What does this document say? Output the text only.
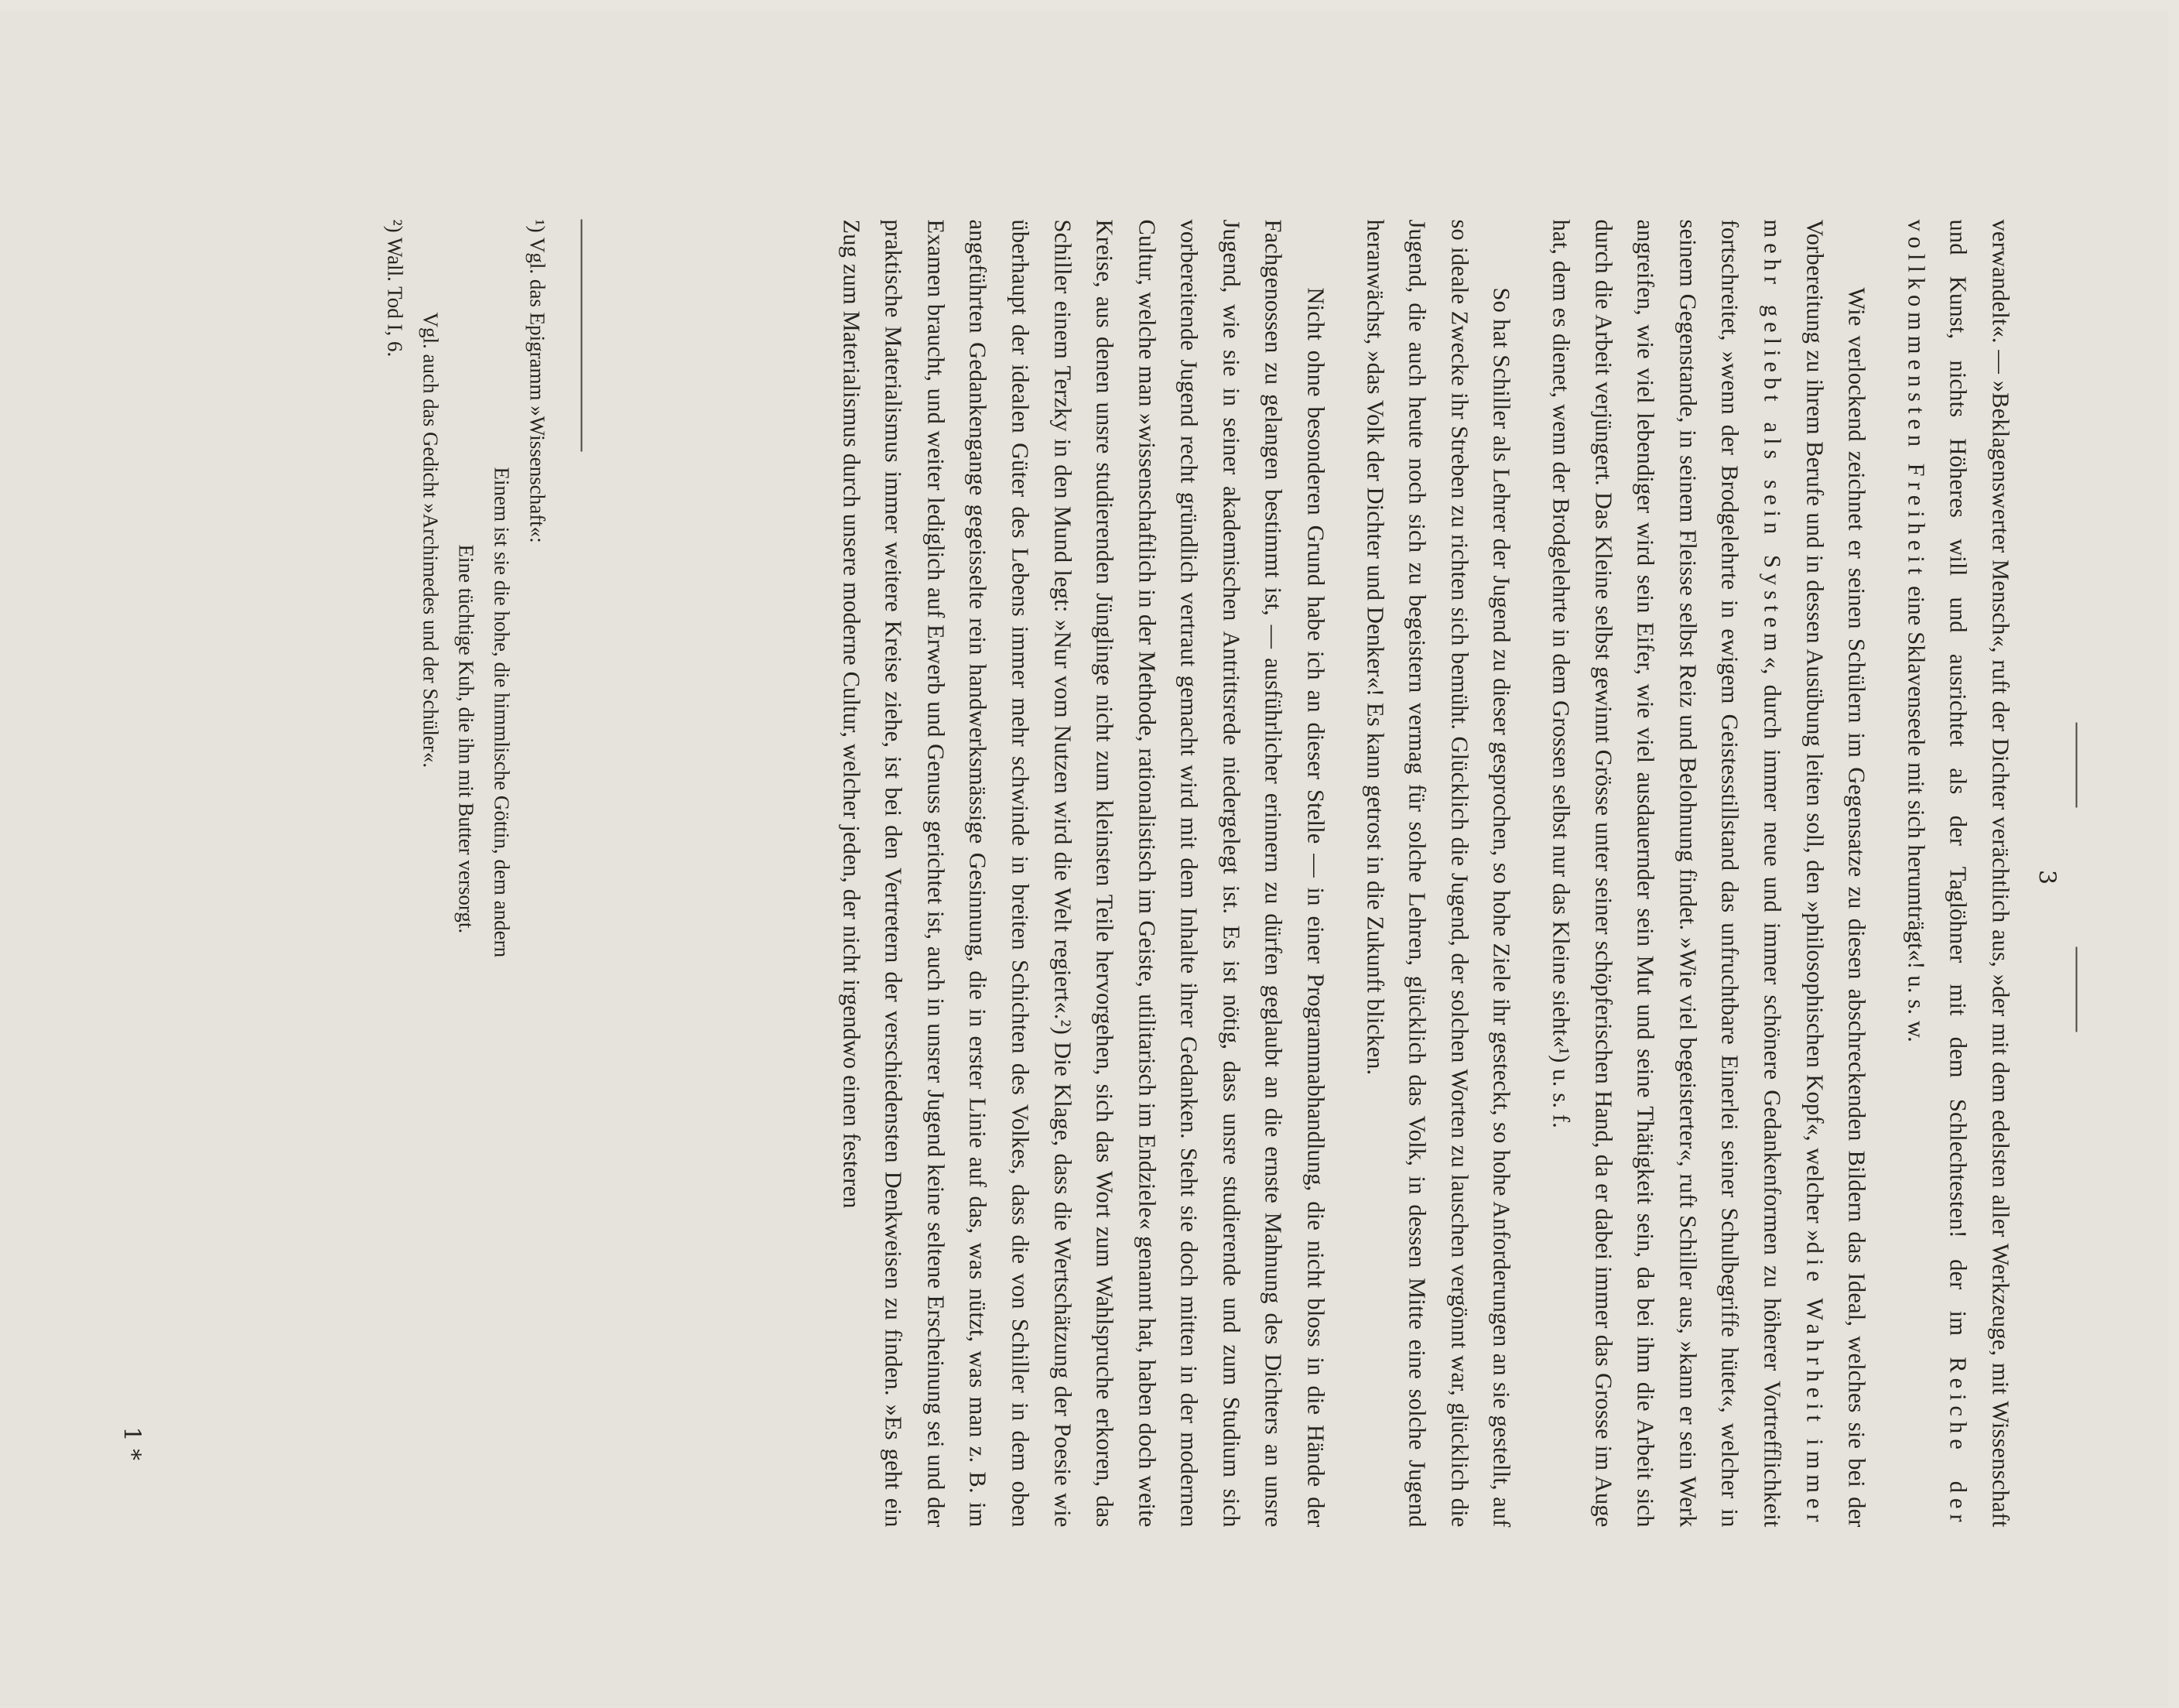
3

verwandelt«. — »Beklagenswerter Mensch«, ruft der Dichter verächtlich aus, »der mit dem edelsten aller Werkzeuge, mit Wissenschaft und Kunst, nichts Höheres will und ausrichtet als der Taglöhner mit dem Schlechtesten! der im Reiche der vollkommensten Freiheit eine Sklavenseele mit sich herumträgt«! u. s. w.

Wie verlockend zeichnet er seinen Schülern im Gegensatze zu diesen abschreckenden Bildern das Ideal, welches sie bei der Vorbereitung zu ihrem Berufe und in dessen Ausübung leiten soll, den »philosophischen Kopf«, welcher »die Wahrheit immer mehr geliebt als sein System«, durch immer neue und immer schönere Gedankenformen zu höherer Vortrefflichkeit fortschreitet, »wenn der Brodgelehrte in ewigem Geistesstillstand das unfruchtbare Einerlei seiner Schulbegriffe hütet«, welcher in seinem Gegenstande, in seinem Fleisse selbst Reiz und Belohnung findet. »Wie viel begeisterter«, ruft Schiller aus, »kann er sein Werk angreifen, wie viel lebendiger wird sein Eifer, wie viel ausdauernder sein Mut und seine Thätigkeit sein, da bei ihm die Arbeit sich durch die Arbeit verjüngert. Das Kleine selbst gewinnt Grösse unter seiner schöpferischen Hand, da er dabei immer das Grosse im Auge hat, dem es dienet, wenn der Brodgelehrte in dem Grossen selbst nur das Kleine sieht«¹) u. s. f.

So hat Schiller als Lehrer der Jugend zu dieser gesprochen, so hohe Ziele ihr gesteckt, so hohe Anforderungen an sie gestellt, auf so ideale Zwecke ihr Streben zu richten sich bemüht. Glücklich die Jugend, der solchen Worten zu lauschen vergönnt war, glücklich die Jugend, die auch heute noch sich zu begeistern vermag für solche Lehren, glücklich das Volk, in dessen Mitte eine solche Jugend heranwächst, »das Volk der Dichter und Denker«! Es kann getrost in die Zukunft blicken.

Nicht ohne besonderen Grund habe ich an dieser Stelle — in einer Programmabhandlung, die nicht bloss in die Hände der Fachgenossen zu gelangen bestimmt ist, — ausführlicher erinnern zu dürfen geglaubt an die ernste Mahnung des Dichters an unsre Jugend, wie sie in seiner akademischen Antrittsrede niedergelegt ist. Es ist nötig, dass unsre studierende und zum Studium sich vorbereitende Jugend recht gründlich vertraut gemacht wird mit dem Inhalte ihrer Gedanken. Steht sie doch mitten in der modernen Cultur, welche man »wissenschaftlich in der Methode, rationalistisch im Geiste, utilitarisch im Endziele« genannt hat, haben doch weite Kreise, aus denen unsre studierenden Jünglinge nicht zum kleinsten Teile hervorgehen, sich das Wort zum Wahlspruche erkoren, das Schiller einem Terzky in den Mund legt: »Nur vom Nutzen wird die Welt regiert«.²) Die Klage, dass die Wertschätzung der Poesie wie überhaupt der idealen Güter des Lebens immer mehr schwinde in breiten Schichten des Volkes, dass die von Schiller in dem oben angeführten Gedankengange gegeisselte rein handwerksmässige Gesinnung, die in erster Linie auf das, was nützt, was man z. B. im Examen braucht, und weiter lediglich auf Erwerb und Genuss gerichtet ist, auch in unsrer Jugend keine seltene Erscheinung sei und der praktische Materialismus immer weitere Kreise ziehe, ist bei den Vertretern der verschiedensten Denkweisen zu finden. »Es geht ein Zug zum Materialismus durch unsere moderne Cultur, welcher jeden, der nicht irgendwo einen festeren

¹) Vgl. das Epigramm »Wissenschaft«:
Einem ist sie die hohe, die himmlische Göttin, dem andern
Eine tüchtige Kuh, die ihn mit Butter versorgt.
Vgl. auch das Gedicht »Archimedes und der Schüler«.
²) Wall. Tod I, 6.
1 *
